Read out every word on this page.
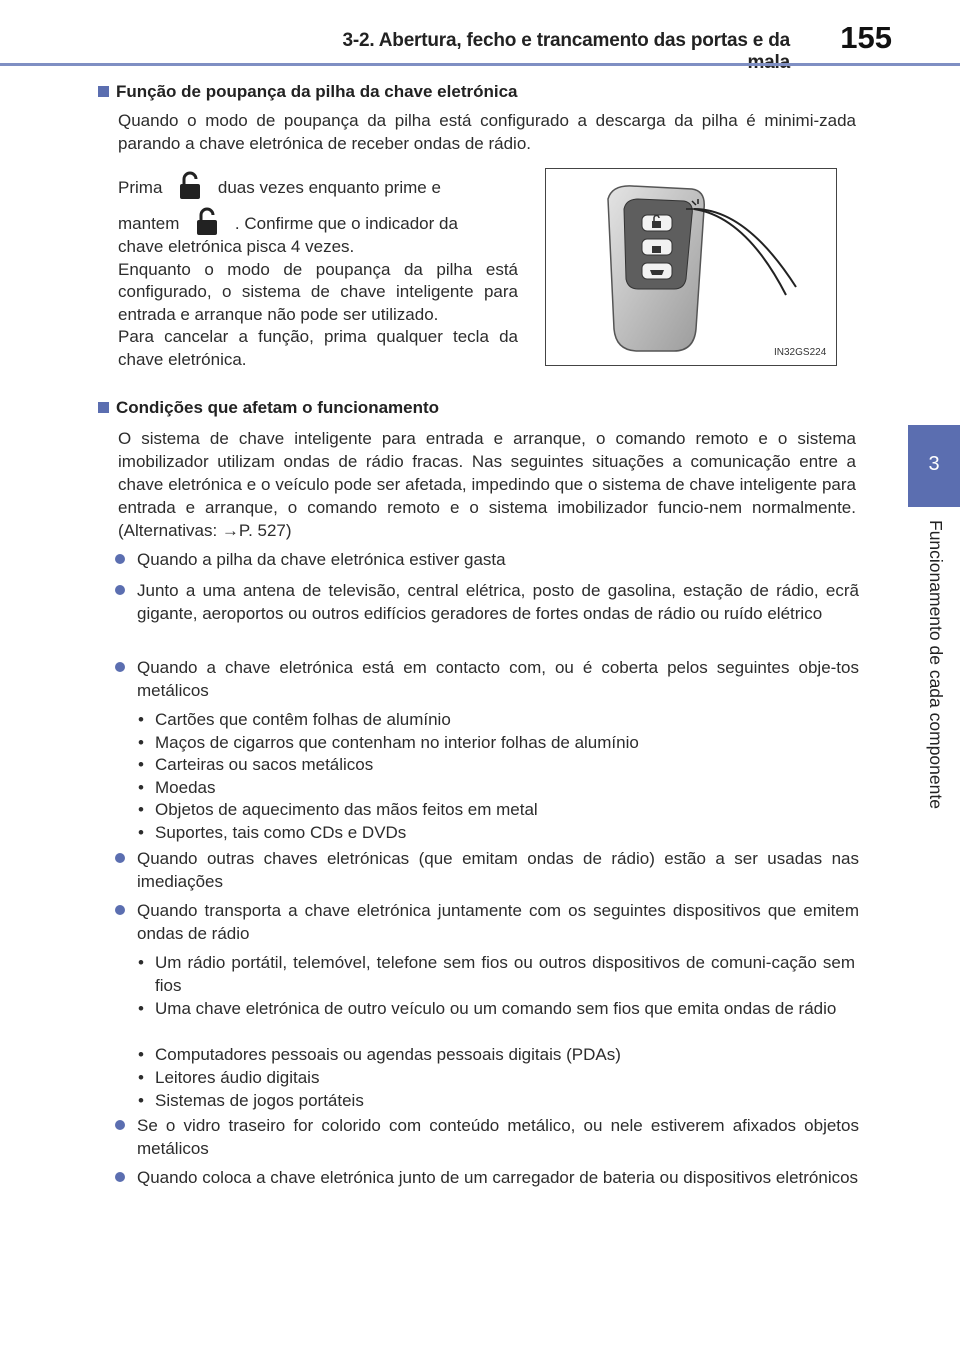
3-2. Abertura, fecho e trancamento das portas e da	155
3
Funcionamento de cada componente
Função de poupança da pilha da chave eletrónica
Quando o modo de poupança da pilha está configurado a descarga da pilha é minimi-zada parando a chave eletrónica de receber ondas de rádio.
Prima	duas vezes enquanto prime e
mantem	. Confirme que o indicador da
chave eletrónica pisca 4 vezes.
Enquanto o modo de poupança da pilha está configurado, o sistema de chave inteligente para entrada e arranque não pode ser utilizado.
Para cancelar a função, prima qualquer tecla da chave eletrónica.	IN32GS224
Condições que afetam o funcionamento
O sistema de chave inteligente para entrada e arranque, o comando remoto e o sistema imobilizador utilizam ondas de rádio fracas. Nas seguintes situações a comunicação entre a chave eletrónica e o veículo pode ser afetada, impedindo que o sistema de chave inteligente para entrada e arranque, o comando remoto e o sistema imobilizador funcio-nem normalmente. (Alternativas: →P. 527)
Quando a pilha da chave eletrónica estiver gasta
Junto a uma antena de televisão, central elétrica, posto de gasolina, estação de rádio, ecrã gigante, aeroportos ou outros edifícios geradores de fortes ondas de rádio ou ruído elétrico
Quando a chave eletrónica está em contacto com, ou é coberta pelos seguintes obje-tos metálicos
• Cartões que contêm folhas de alumínio
• Maços de cigarros que contenham no interior folhas de alumínio
• Carteiras ou sacos metálicos
• Moedas
• Objetos de aquecimento das mãos feitos em metal
• Suportes, tais como CDs e DVDs
Quando outras chaves eletrónicas (que emitam ondas de rádio) estão a ser usadas nas imediações
Quando transporta a chave eletrónica juntamente com os seguintes dispositivos que emitem ondas de rádio
• Um rádio portátil, telemóvel, telefone sem fios ou outros dispositivos de comuni-cação sem fios
• Uma chave eletrónica de outro veículo ou um comando sem fios que emita ondas de rádio
• Computadores pessoais ou agendas pessoais digitais (PDAs)
• Leitores áudio digitais
• Sistemas de jogos portáteis
Se o vidro traseiro for colorido com conteúdo metálico, ou nele estiverem afixados objetos metálicos
Quando coloca a chave eletrónica junto de um carregador de bateria ou dispositivos eletrónicos
